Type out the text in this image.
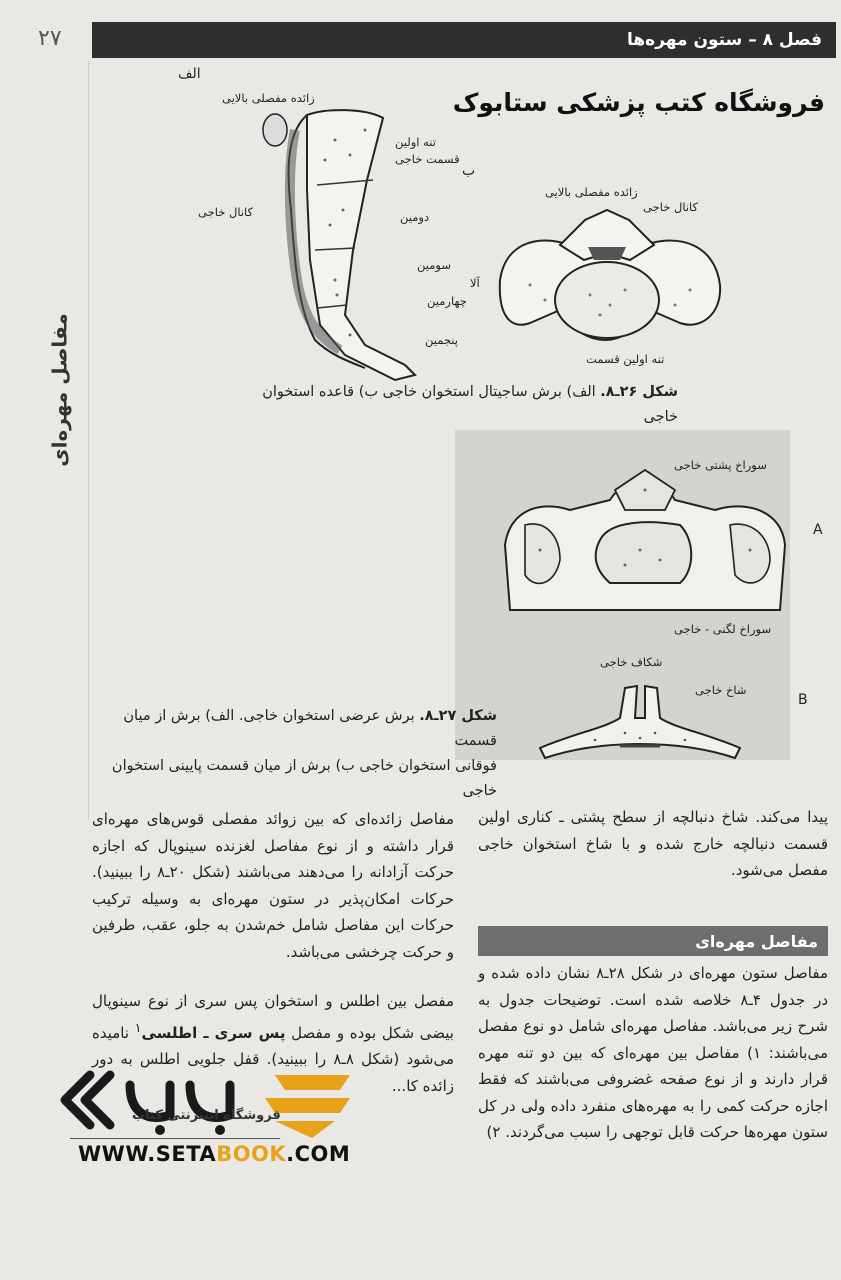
۲۷	فصل ۸ – ستون مهره‌ها
مفاصل مهره‌ای
فروشگاه کتب پزشکی ستابوک
الف
زائده مفصلی بالایی
تنه اولین
قسمت خاجی
کانال خاجی	دومین
سومین
چهارمین
پنجمین
ب
زائده مفصلی بالایی
کانال خاجی
آلا
تنه اولین قسمت
شکل ۲۶ـ۸. الف) برش ساجیتال استخوان خاجی ب) قاعده استخوان خاجی
A
B
سوراخ پشتی خاجی
سوراخ لگنی - خاجی
شکاف خاجی
شاخ خاجی
شکل ۲۷ـ۸. برش عرضی استخوان خاجی. الف) برش از میان قسمت
فوقانی استخوان خاجی ب) برش از میان قسمت پایینی استخوان خاجی
پیدا می‌کند. شاخ دنبالچه از سطح پشتی ـ کناری اولین قسمت دنبالچه خارج شده و با شاخ استخوان خاجی مفصل می‌شود.
مفاصل مهره‌ای
مفاصل ستون مهره‌ای در شکل ۲۸ـ۸ نشان داده شده و در جدول ۴ـ۸ خلاصه شده است. توضیحات جدول به شرح زیر می‌باشد. مفاصل مهره‌ای شامل دو نوع مفصل می‌باشند: ۱) مفاصل بین مهره‌ای که بین دو تنه مهره قرار دارند و از نوع صفحه غضروفی می‌باشند که فقط اجازه حرکت کمی را به مهره‌های منفرد داده ولی در کل ستون مهره‌ها حرکت قابل توجهی را سبب می‌گردند. ۲)
مفاصل زائده‌ای که بین زوائد مفصلی قوس‌های مهره‌ای قرار داشته و از نوع مفاصل لغزنده سینوپال که اجازه حرکت آزادانه را می‌دهند می‌باشند (شکل ۲۰ـ۸ را ببینید). حرکات امکان‌پذیر در ستون مهره‌ای به وسیله ترکیب حرکات این مفاصل شامل خم‌شدن به جلو، عقب، طرفین و حرکت چرخشی می‌باشد.
مفصل بین اطلس و استخوان پس سری از نوع سینوپال بیضی شکل بوده و مفصل پس سری ـ اطلسی$^۱$ نامیده می‌شود (شکل ۸ـ۸ را ببینید). قفل جلویی اطلس به دور زائده کا...
فروشگاه اینترنتی کتاب
WWW.SETABOOK.COM
